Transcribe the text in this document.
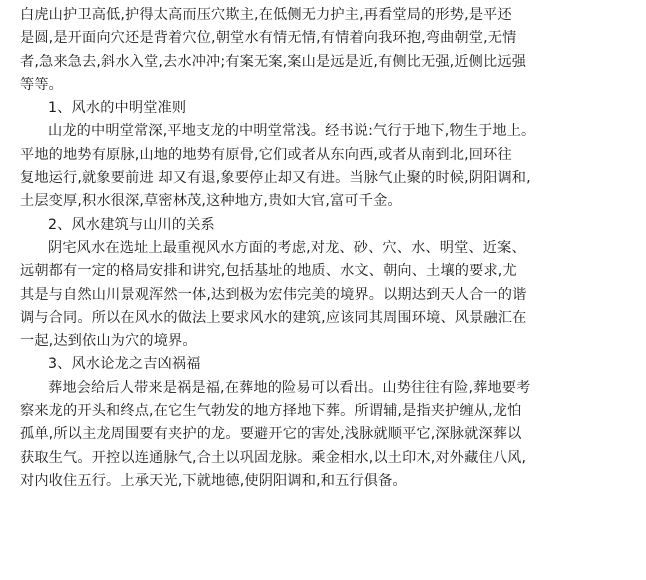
白虎山护卫高低,护得太高而压穴欺主,在低侧无力护主,再看堂局的形势,是平还
是圆,是开面向穴还是背着穴位,朝堂水有情无情,有情着向我环抱,弯曲朝堂,无情
者,急来急去,斜水入堂,去水冲冲;有案无案,案山是远是近,有侧比无强,近侧比远强
等等。
1、风水的中明堂准则
山龙的中明堂常深,平地支龙的中明堂常浅。经书说:气行于地下,物生于地上。
平地的地势有原脉,山地的地势有原骨,它们或者从东向西,或者从南到北,回环往
复地运行,就象要前进 却又有退,象要停止却又有进。当脉气止聚的时候,阴阳调和,
土层变厚,积水很深,草密林茂,这种地方,贵如大官,富可千金。
2、风水建筑与山川的关系
阴宅风水在选址上最重视风水方面的考虑,对龙、砂、穴、水、明堂、近案、
远朝都有一定的格局安排和讲究,包括基址的地质、水文、朝向、土壤的要求,尤
其是与自然山川景观浑然一体,达到极为宏伟完美的境界。以期达到天人合一的谐
调与合同。所以在风水的做法上要求风水的建筑,应该同其周围环境、风景融汇在
一起,达到依山为穴的境界。
3、风水论龙之吉凶祸福
葬地会给后人带来是祸是福,在葬地的险易可以看出。山势往往有险,葬地要考
察来龙的开头和终点,在它生气勃发的地方择地下葬。所谓辅,是指夹护缠从,龙怕
孤单,所以主龙周围要有夹护的龙。要避开它的害处,浅脉就顺平它,深脉就深葬以
获取生气。开控以连通脉气,合土以巩固龙脉。乘金相水,以土印木,对外藏住八风,
对内收住五行。上承天光,下就地德,使阴阳调和,和五行俱备。
